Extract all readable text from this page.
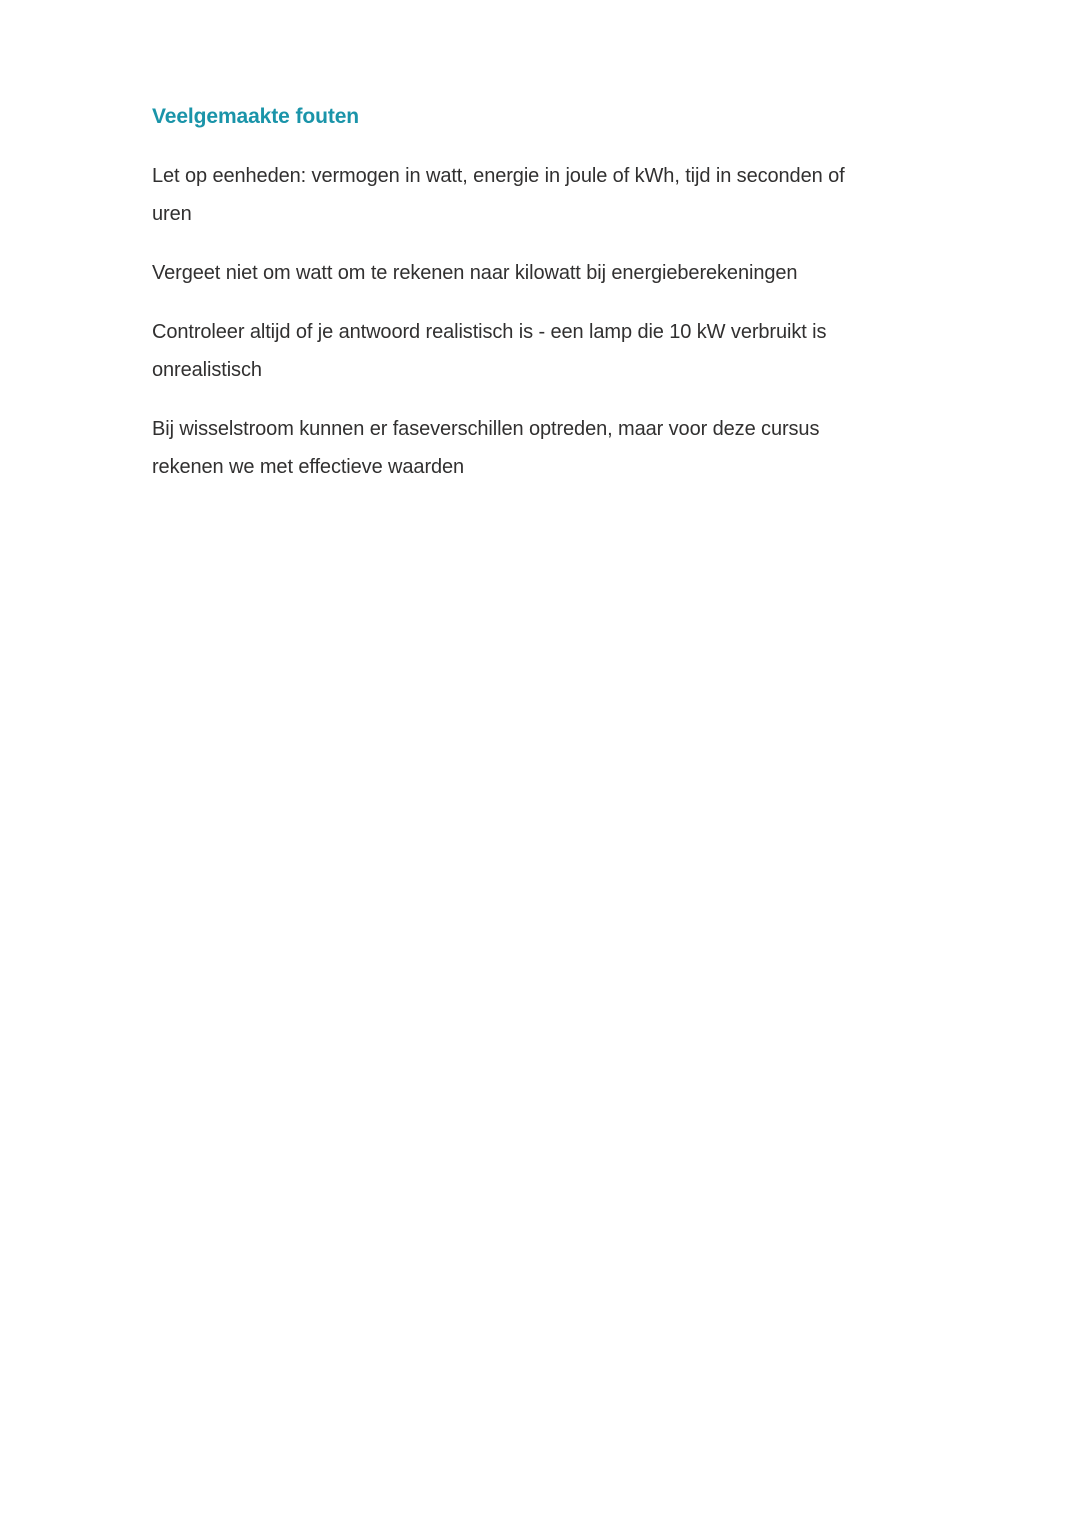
Veelgemaakte fouten

Let op eenheden: vermogen in watt, energie in joule of kWh, tijd in seconden of
uren

Vergeet niet om watt om te rekenen naar kilowatt bij energieberekeningen

Controleer altijd of je antwoord realistisch is - een lamp die 10 kW verbruikt is
onrealistisch

Bij wisselstroom kunnen er faseverschillen optreden, maar voor deze cursus
rekenen we met effectieve waarden
